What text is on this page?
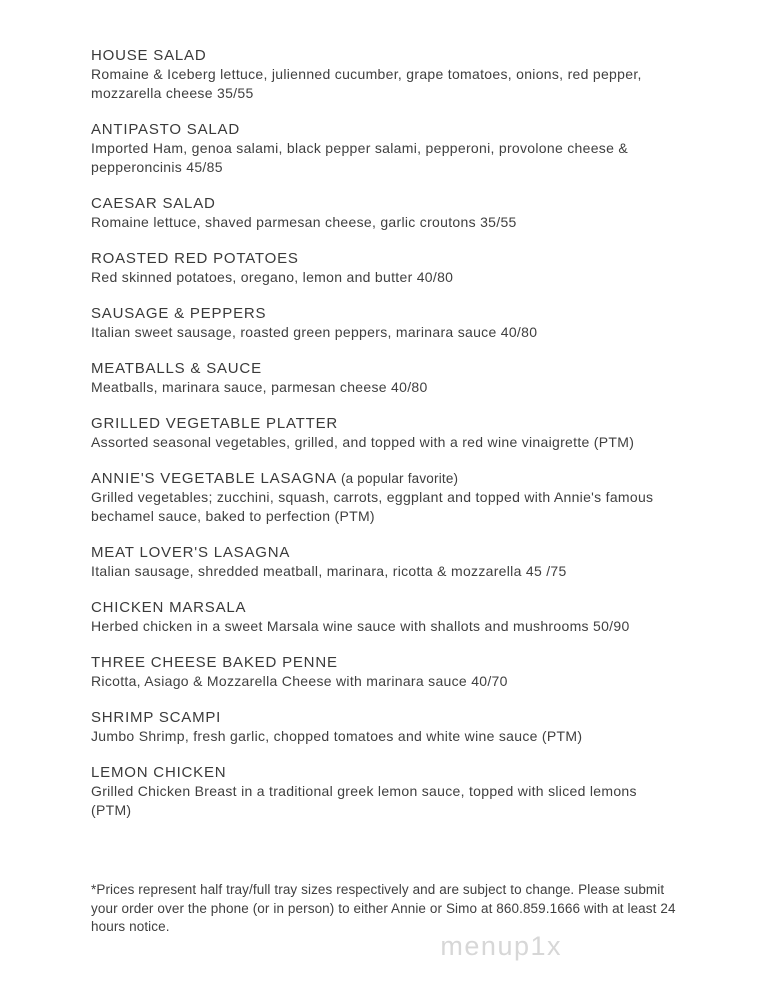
HOUSE SALAD
Romaine & Iceberg lettuce, julienned cucumber, grape tomatoes, onions, red pepper, mozzarella cheese 35/55
ANTIPASTO SALAD
Imported Ham, genoa salami, black pepper salami, pepperoni, provolone cheese & pepperoncinis 45/85
CAESAR SALAD
Romaine lettuce, shaved parmesan cheese, garlic croutons 35/55
ROASTED RED POTATOES
Red skinned potatoes, oregano, lemon and butter 40/80
SAUSAGE & PEPPERS
Italian sweet sausage, roasted green peppers, marinara sauce 40/80
MEATBALLS & SAUCE
Meatballs, marinara sauce, parmesan cheese 40/80
GRILLED VEGETABLE PLATTER
Assorted seasonal vegetables, grilled, and topped with a red wine vinaigrette (PTM)
ANNIE'S VEGETABLE LASAGNA (a popular favorite)
Grilled vegetables; zucchini, squash, carrots, eggplant and topped with Annie's famous bechamel sauce, baked to perfection (PTM)
MEAT LOVER'S LASAGNA
Italian sausage, shredded meatball, marinara, ricotta & mozzarella 45 /75
CHICKEN MARSALA
Herbed chicken in a sweet Marsala wine sauce with shallots and mushrooms 50/90
THREE CHEESE BAKED PENNE
Ricotta, Asiago & Mozzarella Cheese with marinara sauce 40/70
SHRIMP SCAMPI
Jumbo Shrimp, fresh garlic, chopped tomatoes and white wine sauce (PTM)
LEMON CHICKEN
Grilled Chicken Breast in a traditional greek lemon sauce, topped with sliced lemons (PTM)

*Prices represent half tray/full tray sizes respectively and are subject to change. Please submit your order over the phone (or in person) to either Annie or Simo at 860.859.1666 with at least 24 hours notice.

menup1x
